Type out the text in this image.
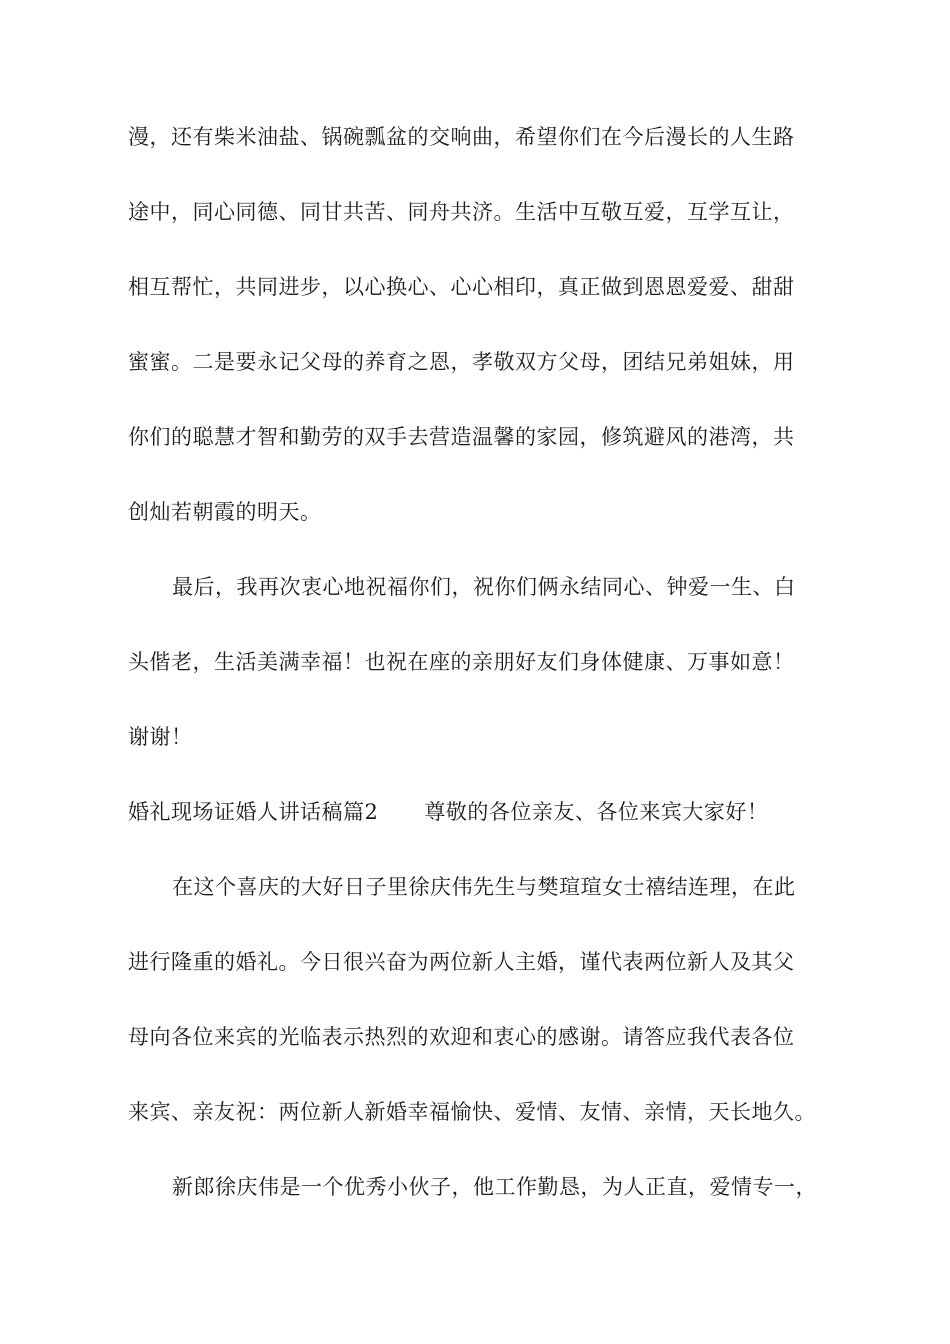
漫，还有柴米油盐、锅碗瓢盆的交响曲，希望你们在今后漫长的人生路
途中，同心同德、同甘共苦、同舟共济。生活中互敬互爱，互学互让，
相互帮忙，共同进步，以心换心、心心相印，真正做到恩恩爱爱、甜甜
蜜蜜。二是要永记父母的养育之恩，孝敬双方父母，团结兄弟姐妹，用
你们的聪慧才智和勤劳的双手去营造温馨的家园，修筑避风的港湾，共
创灿若朝霞的明天。
最后，我再次衷心地祝福你们，祝你们俩永结同心、钟爱一生、白
头偕老，生活美满幸福！也祝在座的亲朋好友们身体健康、万事如意！
谢谢！
婚礼现场证婚人讲话稿篇2 尊敬的各位亲友、各位来宾大家好！
在这个喜庆的大好日子里徐庆伟先生与樊瑄瑄女士禧结连理，在此
进行隆重的婚礼。今日很兴奋为两位新人主婚，谨代表两位新人及其父
母向各位来宾的光临表示热烈的欢迎和衷心的感谢。请答应我代表各位
来宾、亲友祝：两位新人新婚幸福愉快、爱情、友情、亲情，天长地久。
新郎徐庆伟是一个优秀小伙子，他工作勤恳，为人正直，爱情专一，
